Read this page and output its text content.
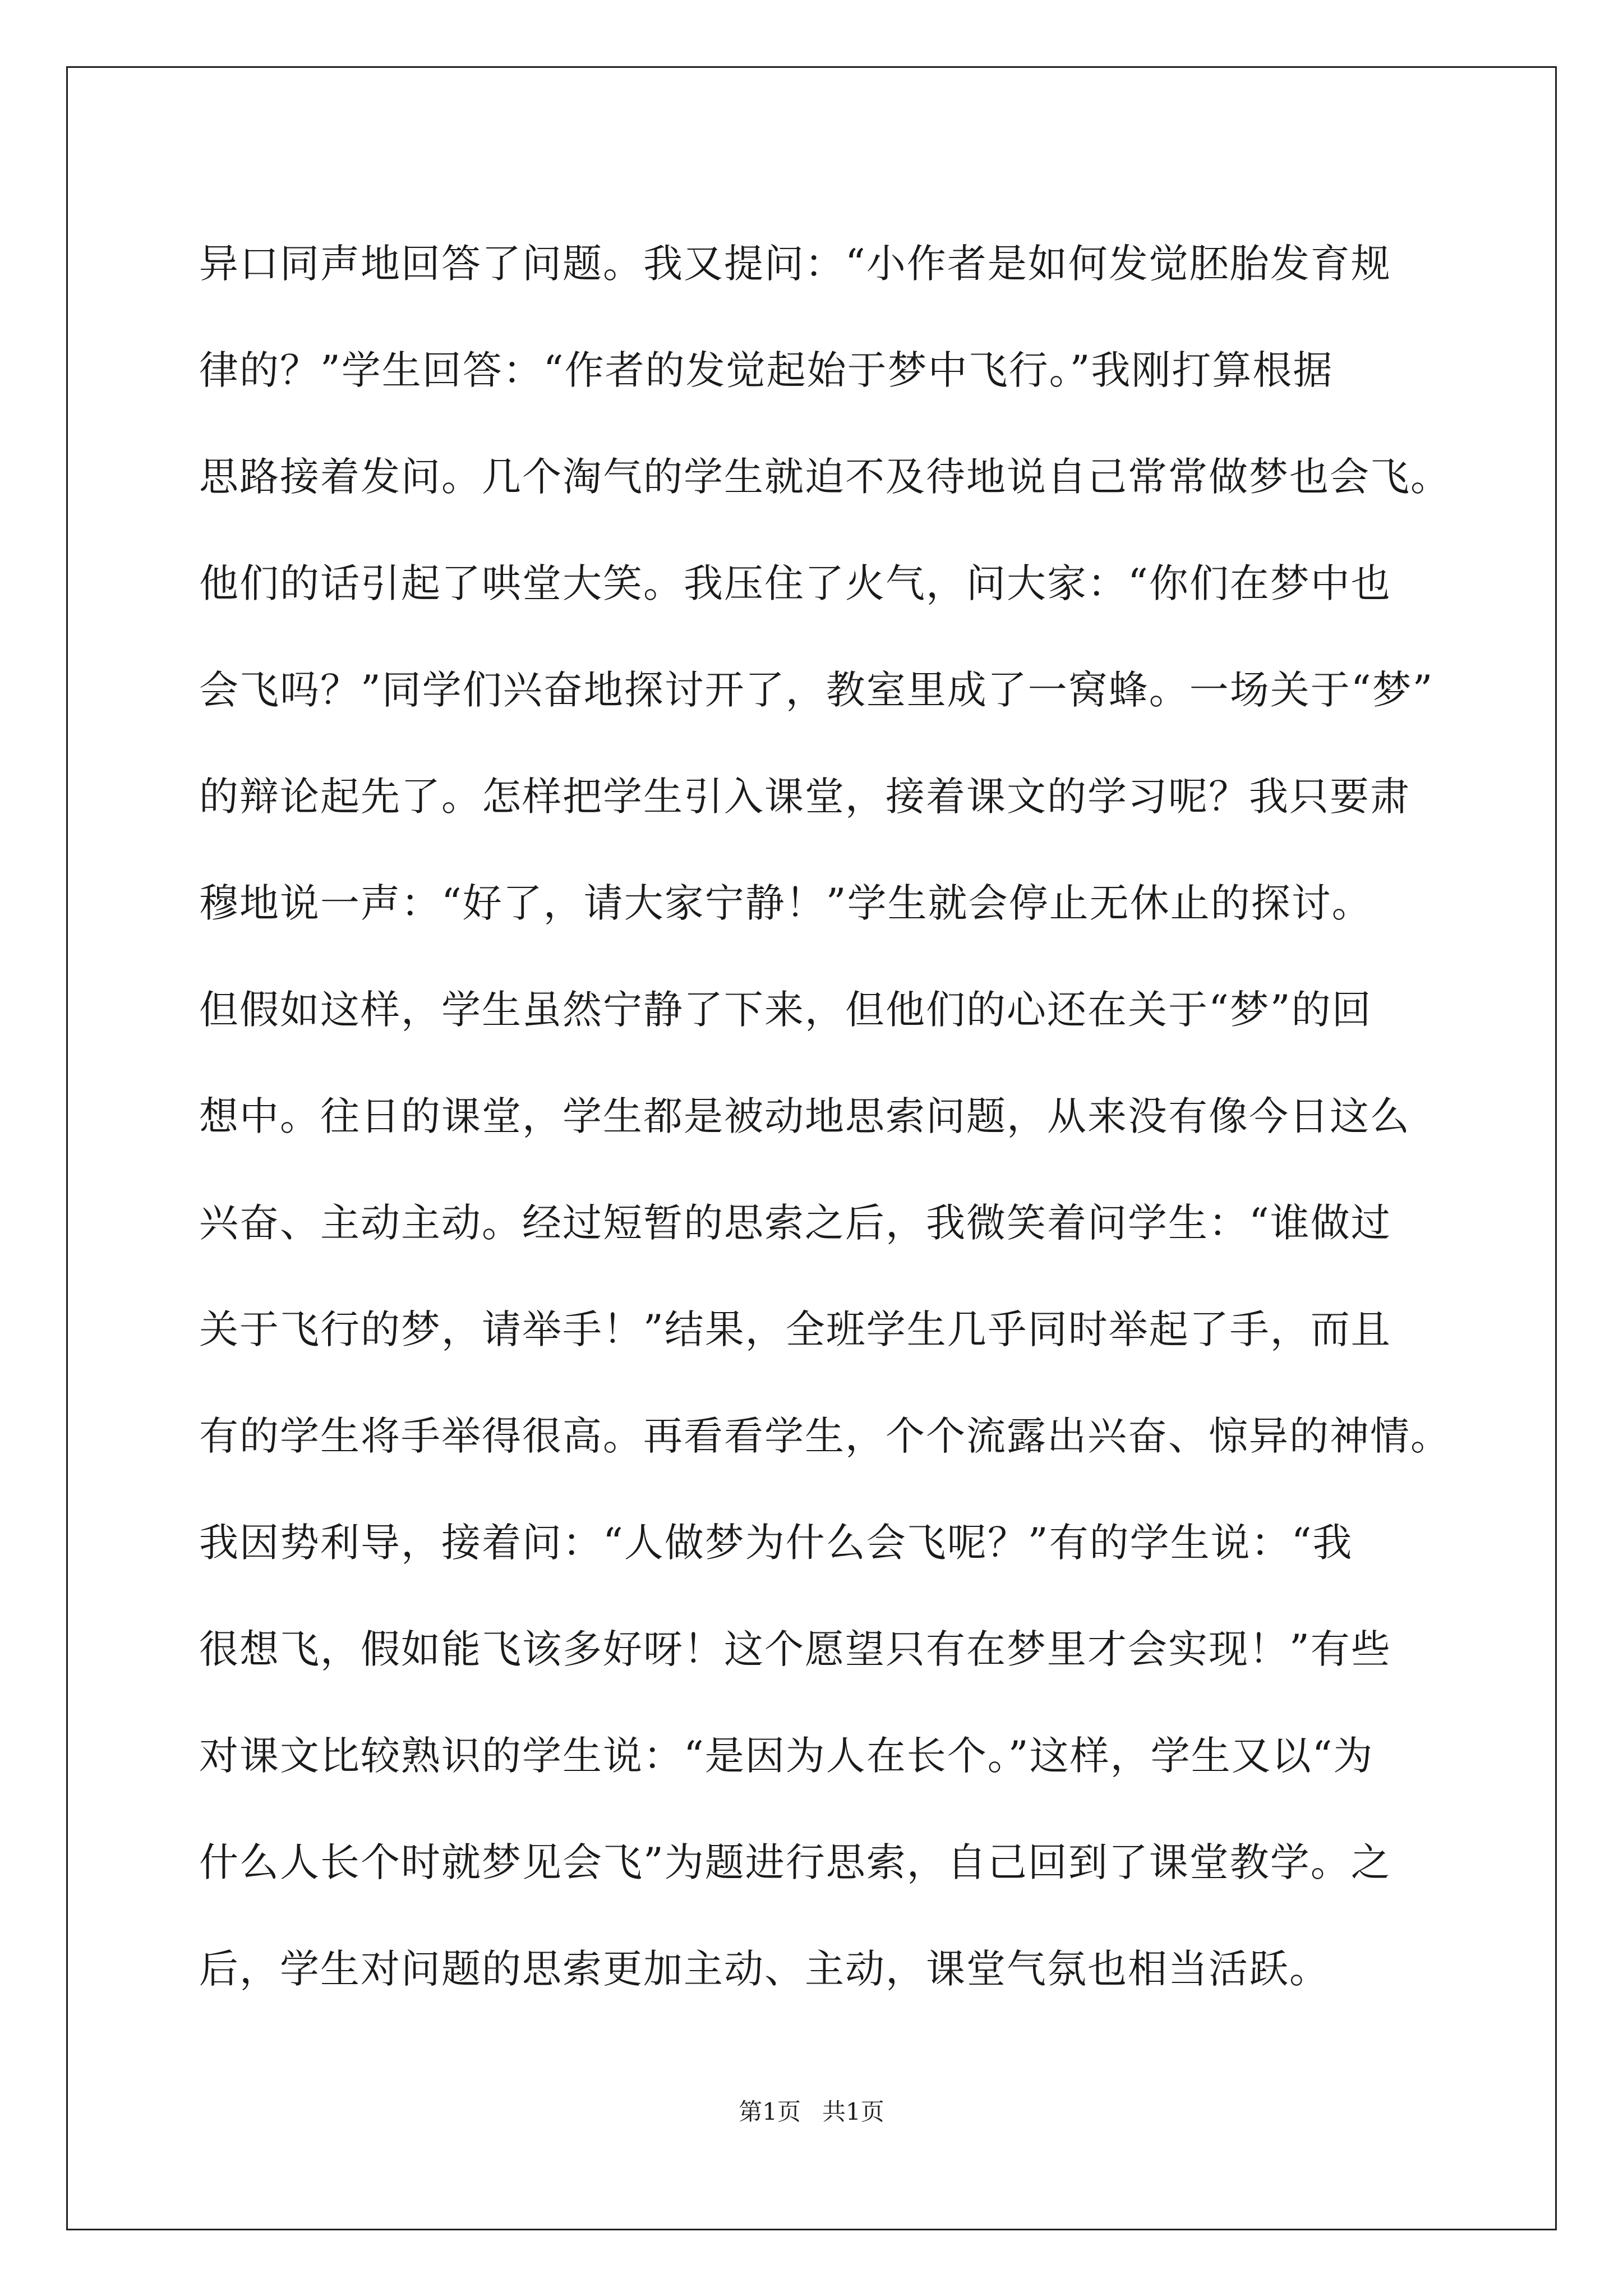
异口同声地回答了问题。我又提问：“小作者是如何发觉胚胎发育规
律的？”学生回答：“作者的发觉起始于梦中飞行。”我刚打算根据
思路接着发问。几个淘气的学生就迫不及待地说自己常常做梦也会飞。
他们的话引起了哄堂大笑。我压住了火气，问大家：“你们在梦中也
会飞吗？”同学们兴奋地探讨开了，教室里成了一窝蜂。一场关于“梦”
的辩论起先了。怎样把学生引入课堂，接着课文的学习呢？我只要肃
穆地说一声：“好了，请大家宁静！”学生就会停止无休止的探讨。
但假如这样，学生虽然宁静了下来，但他们的心还在关于“梦”的回
想中。往日的课堂，学生都是被动地思索问题，从来没有像今日这么
兴奋、主动主动。经过短暂的思索之后，我微笑着问学生：“谁做过
关于飞行的梦，请举手！”结果，全班学生几乎同时举起了手，而且
有的学生将手举得很高。再看看学生，个个流露出兴奋、惊异的神情。
我因势利导，接着问：“人做梦为什么会飞呢？”有的学生说：“我
很想飞，假如能飞该多好呀！这个愿望只有在梦里才会实现！”有些
对课文比较熟识的学生说：“是因为人在长个。”这样，学生又以“为
什么人长个时就梦见会飞”为题进行思索，自己回到了课堂教学。之
后，学生对问题的思索更加主动、主动，课堂气氛也相当活跃。
第1页 共1页
